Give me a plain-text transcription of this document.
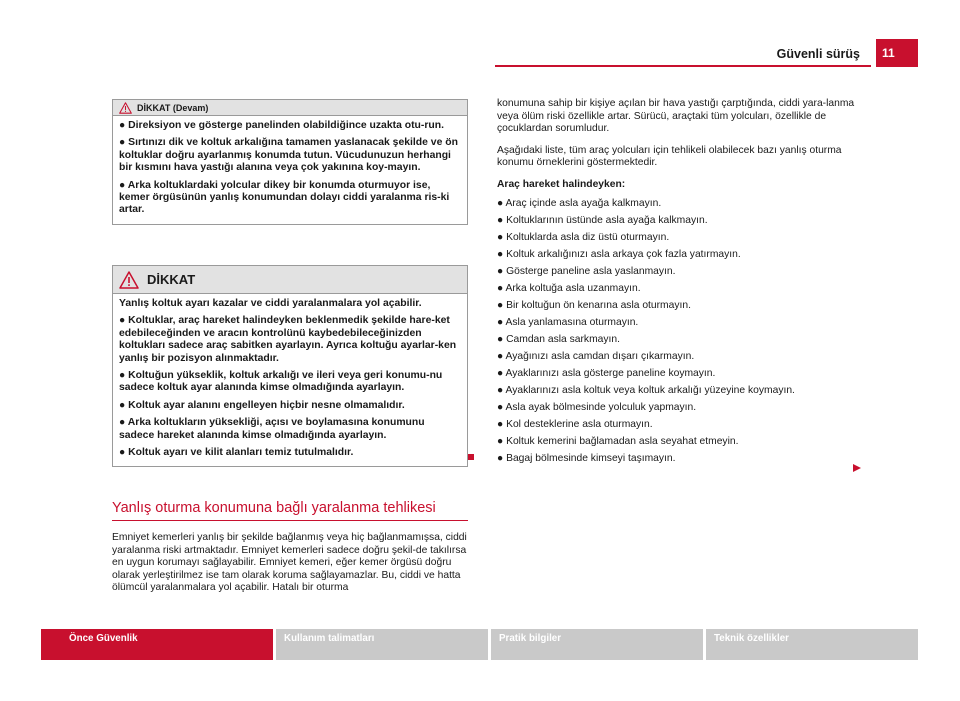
Güvenli sürüş	11
DİKKAT (Devam)

● Direksiyon ve gösterge panelinden olabildiğince uzakta otu-run.

● Sırtınızı dik ve koltuk arkalığına tamamen yaslanacak şekilde ve ön koltuklar doğru ayarlanmış konumda tutun. Vücudunuzun herhangi bir kısmını hava yastığı alanına veya çok yakınına koy-mayın.

● Arka koltuklardaki yolcular dikey bir konumda oturmuyor ise, kemer örgüsünün yanlış konumundan dolayı ciddi yaralanma ris-ki artar.

DİKKAT

Yanlış koltuk ayarı kazalar ve ciddi yaralanmalara yol açabilir.

● Koltuklar, araç hareket halindeyken beklenmedik şekilde hare-ket edebileceğinden ve aracın kontrolünü kaybedebileceğinizden koltukları sadece araç sabitken ayarlayın. Ayrıca koltuğu ayarlar-ken yanlış bir pozisyon alınmaktadır.

● Koltuğun yükseklik, koltuk arkalığı ve ileri veya geri konumu-nu sadece koltuk ayar alanında kimse olmadığında ayarlayın.

● Koltuk ayar alanını engelleyen hiçbir nesne olmamalıdır.

● Arka koltukların yüksekliği, açısı ve boylamasına konumunu sadece hareket alanında kimse olmadığında ayarlayın.

● Koltuk ayarı ve kilit alanları temiz tutulmalıdır.

Yanlış oturma konumuna bağlı yaralanma tehlikesi

Emniyet kemerleri yanlış bir şekilde bağlanmış veya hiç bağlanmamışsa, ciddi yaralanma riski artmaktadır. Emniyet kemerleri sadece doğru şekil-de takılırsa en uygun korumayı sağlayabilir. Emniyet kemeri, eğer kemer örgüsü doğru olarak yerleştirilmez ise tam olarak koruma sağlayamazlar. Bu, ciddi ve hatta ölümcül yaralanmalara yol açabilir. Hatalı bir oturma

konumuna sahip bir kişiye açılan bir hava yastığı çarptığında, ciddi yara-lanma veya ölüm riski özellikle artar. Sürücü, araçtaki tüm yolcuları, özellikle de çocuklardan sorumludur.

Aşağıdaki liste, tüm araç yolcuları için tehlikeli olabilecek bazı yanlış oturma konumu örneklerini göstermektedir.

Araç hareket halindeyken:

● Araç içinde asla ayağa kalkmayın.
● Koltuklarının üstünde asla ayağa kalkmayın.
● Koltuklarda asla diz üstü oturmayın.
● Koltuk arkalığınızı asla arkaya çok fazla yatırmayın.
● Gösterge paneline asla yaslanmayın.
● Arka koltuğa asla uzanmayın.
● Bir koltuğun ön kenarına asla oturmayın.
● Asla yanlamasına oturmayın.
● Camdan asla sarkmayın.
● Ayağınızı asla camdan dışarı çıkarmayın.
● Ayaklarınızı asla gösterge paneline koymayın.
● Ayaklarınızı asla koltuk veya koltuk arkalığı yüzeyine koymayın.
● Asla ayak bölmesinde yolculuk yapmayın.
● Kol desteklerine asla oturmayın.
● Koltuk kemerini bağlamadan asla seyahat etmeyin.
● Bagaj bölmesinde kimseyi taşımayın.
Önce Güvenlik	Kullanım talimatları	Pratik bilgiler	Teknik özellikler
